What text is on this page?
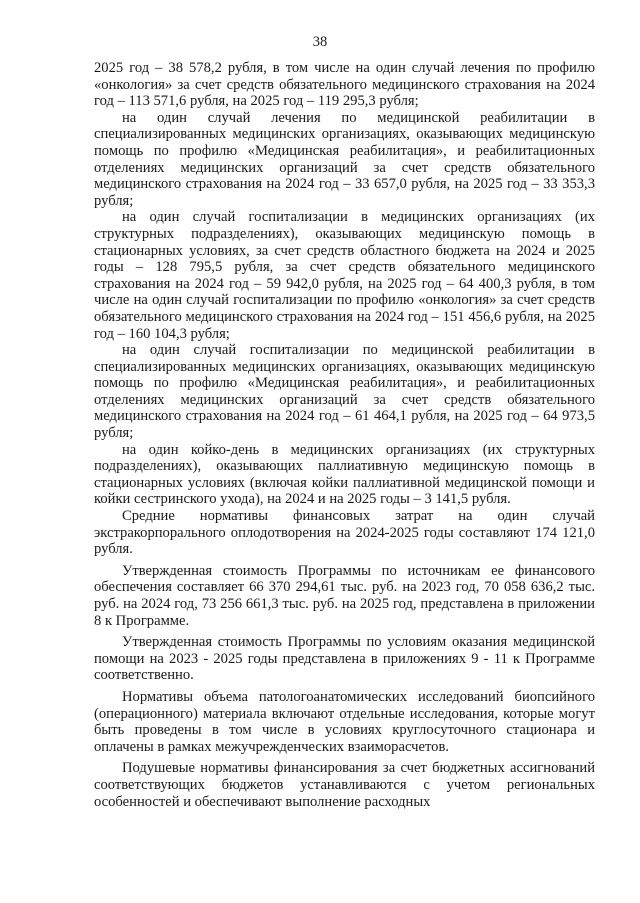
38

2025 год – 38 578,2 рубля, в том числе на один случай лечения по профилю «онкология» за счет средств обязательного медицинского страхования на 2024 год – 113 571,6 рубля, на 2025 год – 119 295,3 рубля;

на один случай лечения по медицинской реабилитации в специализированных медицинских организациях, оказывающих медицинскую помощь по профилю «Медицинская реабилитация», и реабилитационных отделениях медицинских организаций за счет средств обязательного медицинского страхования на 2024 год – 33 657,0 рубля, на 2025 год – 33 353,3 рубля;

на один случай госпитализации в медицинских организациях (их структурных подразделениях), оказывающих медицинскую помощь в стационарных условиях, за счет средств областного бюджета на 2024 и 2025 годы – 128 795,5 рубля, за счет средств обязательного медицинского страхования на 2024 год – 59 942,0 рубля, на 2025 год – 64 400,3 рубля, в том числе на один случай госпитализации по профилю «онкология» за счет средств обязательного медицинского страхования на 2024 год – 151 456,6 рубля, на 2025 год – 160 104,3 рубля;

на один случай госпитализации по медицинской реабилитации в специализированных медицинских организациях, оказывающих медицинскую помощь по профилю «Медицинская реабилитация», и реабилитационных отделениях медицинских организаций за счет средств обязательного медицинского страхования на 2024 год – 61 464,1 рубля, на 2025 год – 64 973,5 рубля;

на один койко-день в медицинских организациях (их структурных подразделениях), оказывающих паллиативную медицинскую помощь в стационарных условиях (включая койки паллиативной медицинской помощи и койки сестринского ухода), на 2024 и на 2025 годы – 3 141,5 рубля.

Средние нормативы финансовых затрат на один случай экстракорпорального оплодотворения на 2024-2025 годы составляют 174 121,0 рубля.

Утвержденная стоимость Программы по источникам ее финансового обеспечения составляет 66 370 294,61 тыс. руб. на 2023 год, 70 058 636,2 тыс. руб. на 2024 год, 73 256 661,3 тыс. руб. на 2025 год, представлена в приложении 8 к Программе.

Утвержденная стоимость Программы по условиям оказания медицинской помощи на 2023 - 2025 годы представлена в приложениях 9 - 11 к Программе соответственно.

Нормативы объема патологоанатомических исследований биопсийного (операционного) материала включают отдельные исследования, которые могут быть проведены в том числе в условиях круглосуточного стационара и оплачены в рамках межучрежденческих взаиморасчетов.

Подушевые нормативы финансирования за счет бюджетных ассигнований соответствующих бюджетов устанавливаются с учетом региональных особенностей и обеспечивают выполнение расходных
